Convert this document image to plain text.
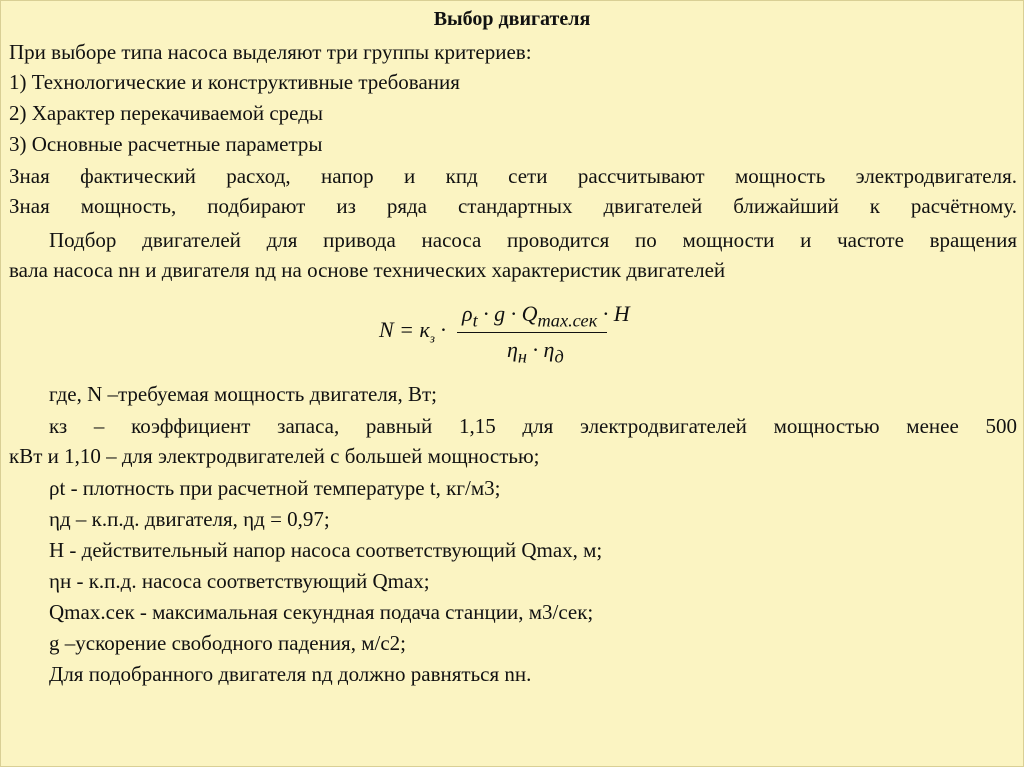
Выбор двигателя
При выборе типа насоса выделяют три группы критериев:
1) Технологические и конструктивные требования
2) Характер перекачиваемой среды
3) Основные расчетные параметры
Зная фактический расход, напор и кпд сети рассчитывают мощность электродвигателя.
Зная мощность, подбирают из ряда стандартных двигателей ближайший к расчётному.
Подбор двигателей для привода насоса проводится по мощности и частоте вращения
вала насоса nн и двигателя nд на основе технических характеристик двигателей
$N = к_з$ ·
$\rho_t \cdot g \cdot Q_{max.сек} \cdot H$
$\eta_н \cdot \eta_д$
где, N –требуемая мощность двигателя, Вт;
кз – коэффициент запаса, равный 1,15 для электродвигателей мощностью менее 500
кВт и 1,10 – для электродвигателей с большей мощностью;
ρt - плотность при расчетной температуре t, кг/м3;
ηд – к.п.д. двигателя, ηд = 0,97;
H - действительный напор насоса соответствующий Qmax, м;
ηн - к.п.д. насоса соответствующий Qmax;
Qmax.сек - максимальная секундная подача станции, м3/сек;
g –ускорение свободного падения, м/с2;
Для подобранного двигателя nд должно равняться nн.
